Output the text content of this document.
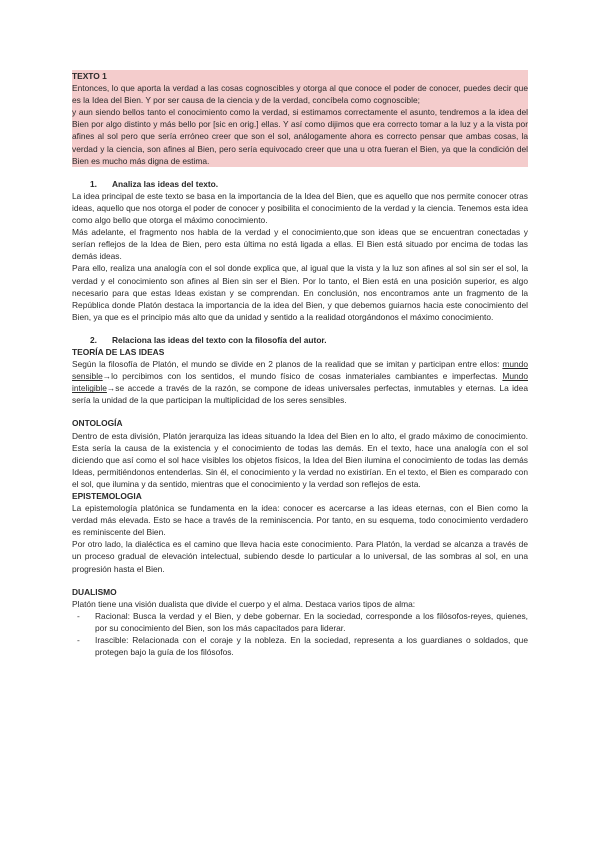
TEXTO 1

Entonces, lo que aporta la verdad a las cosas cognoscibles y otorga al que conoce el poder de conocer, puedes decir que es la Idea del Bien. Y por ser causa de la ciencia y de la verdad, concíbela como cognoscible;

y aun siendo bellos tanto el conocimiento como la verdad, si estimamos correctamente el asunto, tendremos a la idea del Bien por algo distinto y más bello por [sic en orig.] ellas. Y así como dijimos que era correcto tomar a la luz y a la vista por afines al sol pero que sería erróneo creer que son el sol, análogamente ahora es correcto pensar que ambas cosas, la verdad y la ciencia, son afines al Bien, pero sería equivocado creer que una u otra fueran el Bien, ya que la condición del Bien es mucho más digna de estima.

1. Analiza las ideas del texto.

La idea principal de este texto se basa en la importancia de la Idea del Bien, que es aquello que nos permite conocer otras ideas, aquello que nos otorga el poder de conocer y posibilita el conocimiento de la verdad y la ciencia. Tenemos esta idea como algo bello que otorga el máximo conocimiento.

Más adelante, el fragmento nos habla de la verdad y el conocimiento,que son ideas que se encuentran conectadas y serían reflejos de la Idea de Bien, pero esta última no está ligada a ellas. El Bien está situado por encima de todas las demás ideas.

Para ello, realiza una analogía con el sol donde explica que, al igual que la vista y la luz son afines al sol sin ser el sol, la verdad y el conocimiento son afines al Bien sin ser el Bien. Por lo tanto, el Bien está en una posición superior, es algo necesario para que estas Ideas existan y se comprendan. En conclusión, nos encontramos ante un fragmento de la República donde Platón destaca la importancia de la idea del Bien, y que debemos guiarnos hacia este conocimiento del Bien, ya que es el principio más alto que da unidad y sentido a la realidad otorgándonos el máximo conocimiento.

2. Relaciona las ideas del texto con la filosofía del autor.

TEORÍA DE LAS IDEAS

Según la filosofía de Platón, el mundo se divide en 2 planos de la realidad que se imitan y participan entre ellos: mundo sensible→lo percibimos con los sentidos, el mundo físico de cosas inmateriales cambiantes e imperfectas. Mundo inteligible→se accede a través de la razón, se compone de ideas universales perfectas, inmutables y eternas. La idea sería la unidad de la que participan la multiplicidad de los seres sensibles.

ONTOLOGÍA

Dentro de esta división, Platón jerarquiza las ideas situando la Idea del Bien en lo alto, el grado máximo de conocimiento. Esta sería la causa de la existencia y el conocimiento de todas las demás. En el texto, hace una analogía con el sol diciendo que así como el sol hace visibles los objetos físicos, la Idea del Bien ilumina el conocimiento de todas las demás Ideas, permitiéndonos entenderlas. Sin él, el conocimiento y la verdad no existirían. En el texto, el Bien es comparado con el sol, que ilumina y da sentido, mientras que el conocimiento y la verdad son reflejos de esta.

EPISTEMOLOGIA

La epistemología platónica se fundamenta en la idea: conocer es acercarse a las ideas eternas, con el Bien como la verdad más elevada. Esto se hace a través de la reminiscencia. Por tanto, en su esquema, todo conocimiento verdadero es reminiscente del Bien.

Por otro lado, la dialéctica es el camino que lleva hacia este conocimiento. Para Platón, la verdad se alcanza a través de un proceso gradual de elevación intelectual, subiendo desde lo particular a lo universal, de las sombras al sol, en una progresión hasta el Bien.

DUALISMO

Platón tiene una visión dualista que divide el cuerpo y el alma. Destaca varios tipos de alma:

- Racional: Busca la verdad y el Bien, y debe gobernar. En la sociedad, corresponde a los filósofos-reyes, quienes, por su conocimiento del Bien, son los más capacitados para liderar.

- Irascible: Relacionada con el coraje y la nobleza. En la sociedad, representa a los guardianes o soldados, que protegen bajo la guía de los filósofos.
